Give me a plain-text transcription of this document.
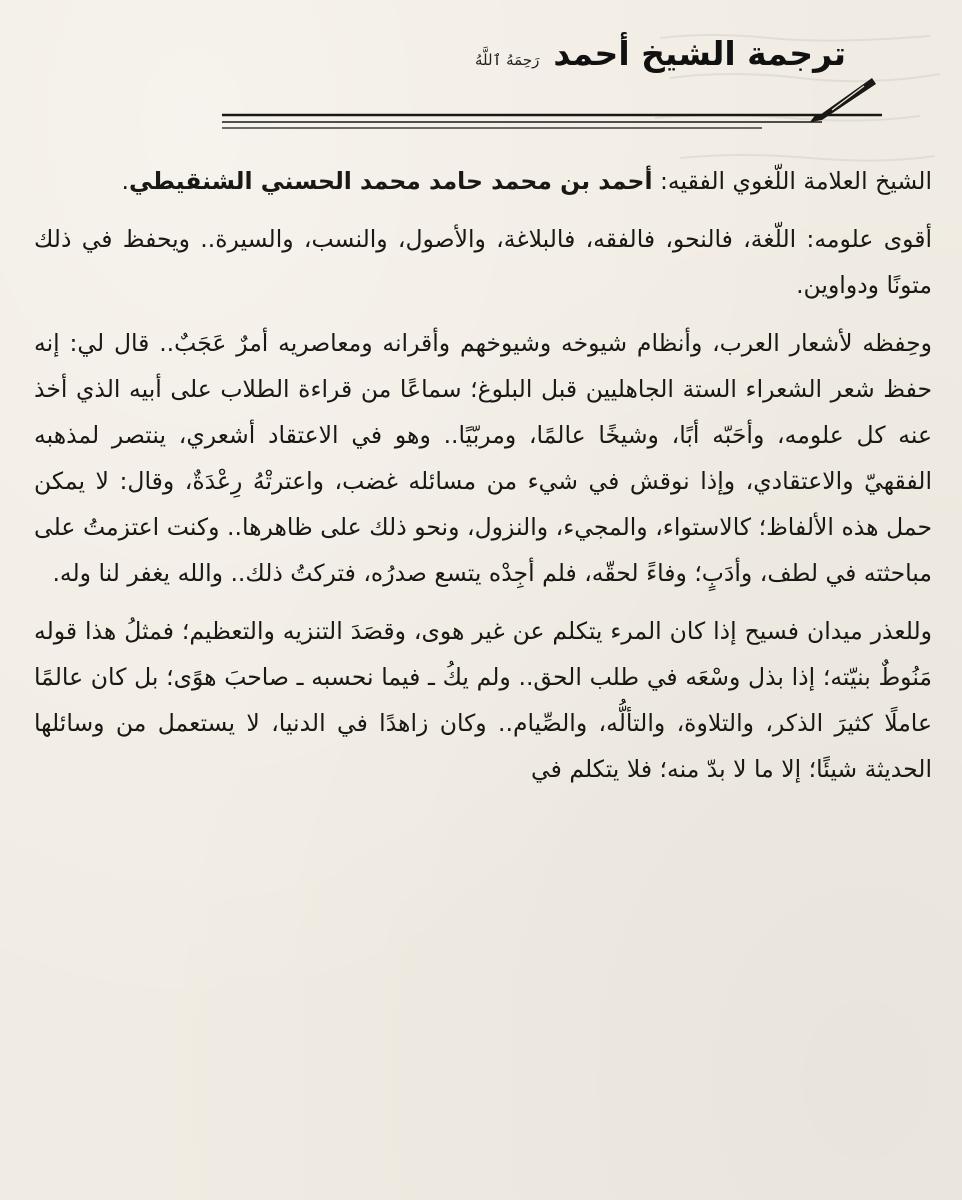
ترجمة الشيخ أحمد
رَحِمَهُ ٱللَّهُ

الشيخ العلامة اللّغوي الفقيه: أحمد بن محمد حامد محمد الحسني الشنقيطي.

أقوى علومه: اللّغة، فالنحو، فالفقه، فالبلاغة، والأصول، والنسب، والسيرة.. ويحفظ في ذلك متونًا ودواوين.

وحِفظه لأشعار العرب، وأنظام شيوخه وشيوخهم وأقرانه ومعاصريه أمرٌ عَجَبٌ.. قال لي: إنه حفظ شعر الشعراء الستة الجاهليين قبل البلوغ؛ سماعًا من قراءة الطلاب على أبيه الذي أخذ عنه كل علومه، وأحَبّه أبًا، وشيخًا عالمًا، ومربّيًا.. وهو في الاعتقاد أشعري، ينتصر لمذهبه الفقهيّ والاعتقادي، وإذا نوقش في شيء من مسائله غضب، واعترتْهُ رِعْدَةٌ، وقال: لا يمكن حمل هذه الألفاظ؛ كالاستواء، والمجيء، والنزول، ونحو ذلك على ظاهرها.. وكنت اعتزمتُ على مباحثته في لطف، وأدَبٍ؛ وفاءً لحقّه، فلم أجِدْه يتسع صدرُه، فتركتُ ذلك.. والله يغفر لنا وله.

وللعذر ميدان فسيح إذا كان المرء يتكلم عن غير هوى، وقصَدَ التنزيه والتعظيم؛ فمثلُ هذا قوله مَنُوطٌ بنيّته؛ إذا بذل وسْعَه في طلب الحق.. ولم يكُ ـ فيما نحسبه ـ صاحبَ هوًى؛ بل كان عالمًا عاملًا كثيرَ الذكر، والتلاوة، والتألُّه، والصِّيام.. وكان زاهدًا في الدنيا، لا يستعمل من وسائلها الحديثة شيئًا؛ إلا ما لا بدّ منه؛ فلا يتكلم في
